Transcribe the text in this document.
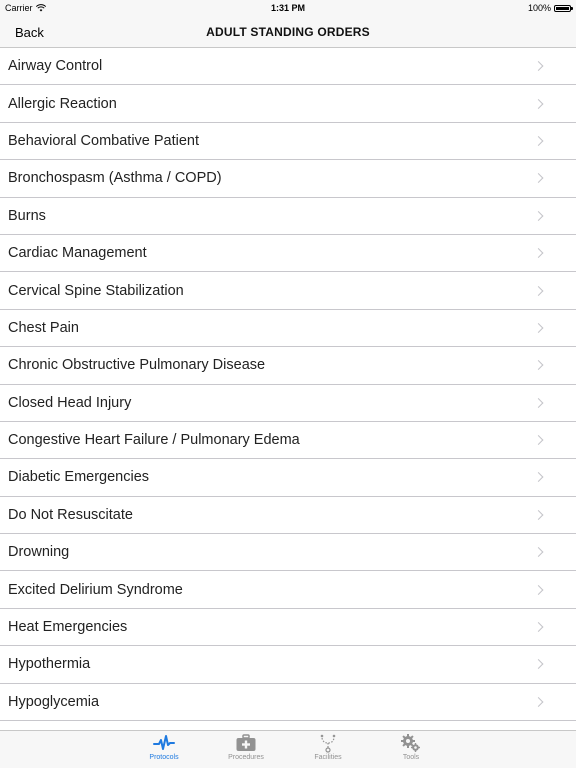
Carrier	1:31 PM	100%
Back	ADULT STANDING ORDERS
Airway Control
Allergic Reaction
Behavioral Combative Patient
Bronchospasm (Asthma / COPD)
Burns
Cardiac Management
Cervical Spine Stabilization
Chest Pain
Chronic Obstructive Pulmonary Disease
Closed Head Injury
Congestive Heart Failure / Pulmonary Edema
Diabetic Emergencies
Do Not Resuscitate
Drowning
Excited Delirium Syndrome
Heat Emergencies
Hypothermia
Hypoglycemia
Protocols	Procedures	Facilities	Tools
